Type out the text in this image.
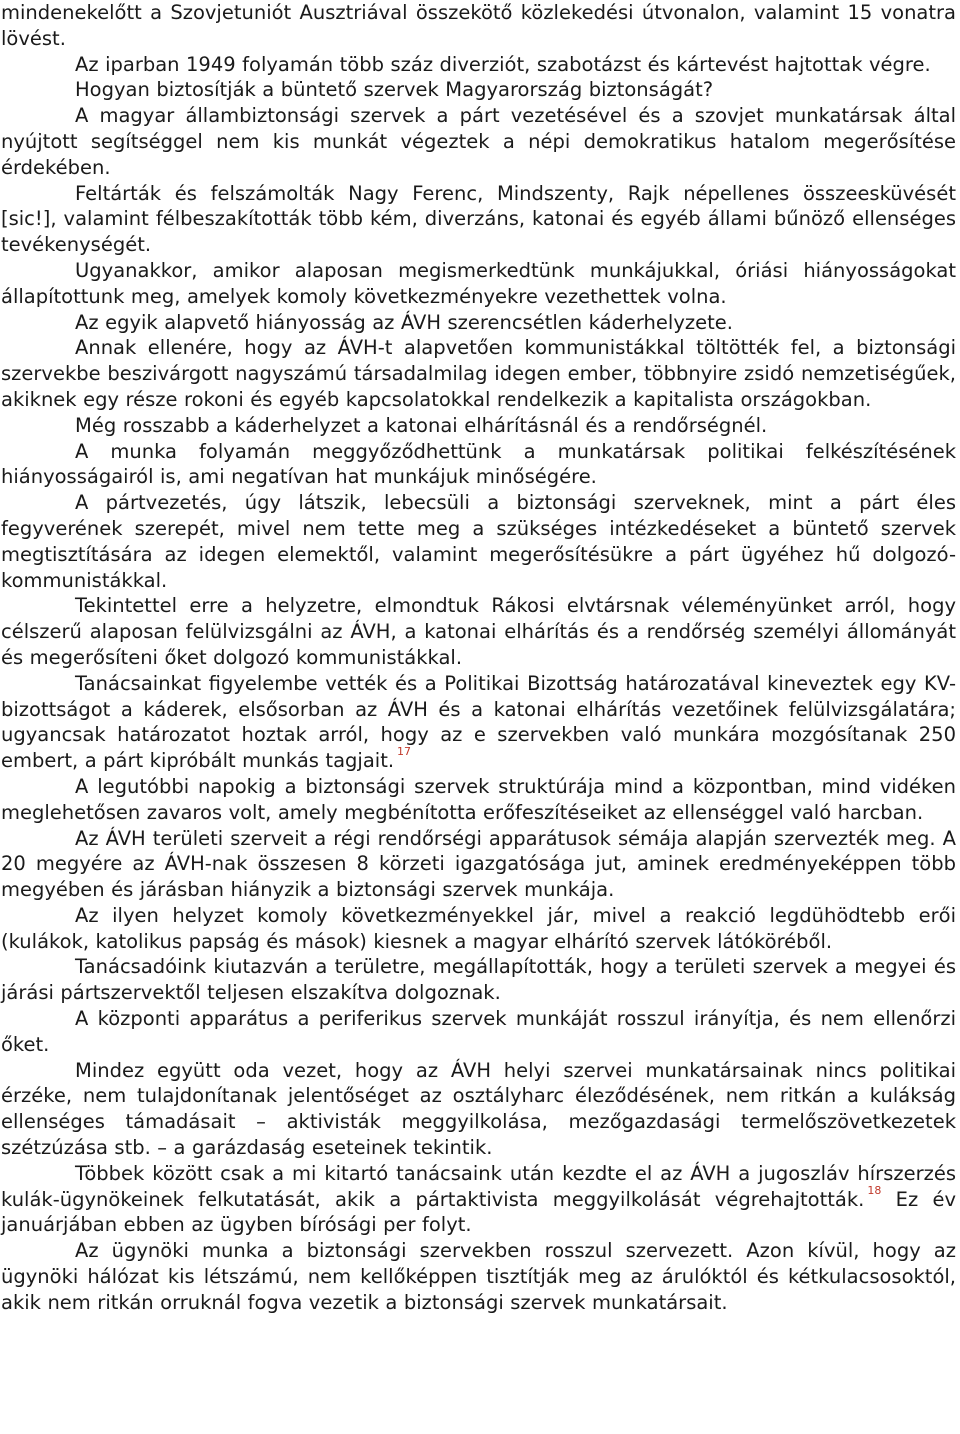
mindenekelőtt a Szovjetuniót Ausztriával összekötő közlekedési útvonalon, valamint 15 vonatra lövést.

Az iparban 1949 folyamán több száz diverziót, szabotázst és kártevést hajtottak végre.

Hogyan biztosítják a büntető szervek Magyarország biztonságát?

A magyar állambiztonsági szervek a párt vezetésével és a szovjet munkatársak által nyújtott segítséggel nem kis munkát végeztek a népi demokratikus hatalom megerősítése érdekében.

Feltárták és felszámolták Nagy Ferenc, Mindszenty, Rajk népellenes összeesküvését [sic!], valamint félbeszakították több kém, diverzáns, katonai és egyéb állami bűnöző ellenséges tevékenységét.

Ugyanakkor, amikor alaposan megismerkedtünk munkájukkal, óriási hiányosságokat állapítottunk meg, amelyek komoly következményekre vezethettek volna.

Az egyik alapvető hiányosság az ÁVH szerencsétlen káderhelyzete.

Annak ellenére, hogy az ÁVH-t alapvetően kommunistákkal töltötték fel, a biztonsági szervekbe beszivárgott nagyszámú társadalmilag idegen ember, többnyire zsidó nemzetiségűek, akiknek egy része rokoni és egyéb kapcsolatokkal rendelkezik a kapitalista országokban.

Még rosszabb a káderhelyzet a katonai elhárításnál és a rendőrségnél.

A munka folyamán meggyőződhettünk a munkatársak politikai felkészítésének hiányosságairól is, ami negatívan hat munkájuk minőségére.

A pártvezetés, úgy látszik, lebecsüli a biztonsági szerveknek, mint a párt éles fegyverének szerepét, mivel nem tette meg a szükséges intézkedéseket a büntető szervek megtisztítására az idegen elemektől, valamint megerősítésükre a párt ügyéhez hű dolgozó-kommunistákkal.

Tekintettel erre a helyzetre, elmondtuk Rákosi elvtársnak véleményünket arról, hogy célszerű alaposan felülvizsgálni az ÁVH, a katonai elhárítás és a rendőrség személyi állományát és megerősíteni őket dolgozó kommunistákkal.

Tanácsainkat figyelembe vették és a Politikai Bizottság határozatával kineveztek egy KV-bizottságot a káderek, elsősorban az ÁVH és a katonai elhárítás vezetőinek felülvizsgálatára; ugyancsak határozatot hoztak arról, hogy az e szervekben való munkára mozgósítanak 250 embert, a párt kipróbált munkás tagjait. $^{17}$

A legutóbbi napokig a biztonsági szervek struktúrája mind a központban, mind vidéken meglehetősen zavaros volt, amely megbénította erőfeszítéseiket az ellenséggel való harcban.

Az ÁVH területi szerveit a régi rendőrségi apparátusok sémája alapján szervezték meg. A 20 megyére az ÁVH-nak összesen 8 körzeti igazgatósága jut, aminek eredményeképpen több megyében és járásban hiányzik a biztonsági szervek munkája.

Az ilyen helyzet komoly következményekkel jár, mivel a reakció legdühödtebb erői (kulákok, katolikus papság és mások) kiesnek a magyar elhárító szervek látóköréből.

Tanácsadóink kiutazván a területre, megállapították, hogy a területi szervek a megyei és járási pártszervektől teljesen elszakítva dolgoznak.

A központi apparátus a periferikus szervek munkáját rosszul irányítja, és nem ellenőrzi őket.

Mindez együtt oda vezet, hogy az ÁVH helyi szervei munkatársainak nincs politikai érzéke, nem tulajdonítanak jelentőséget az osztályharc éleződésének, nem ritkán a kulákság ellenséges támadásait – aktivisták meggyilkolása, mezőgazdasági termelőszövetkezetek szétzúzása stb. – a garázdaság eseteinek tekintik.

Többek között csak a mi kitartó tanácsaink után kezdte el az ÁVH a jugoszláv hírszerzés kulák-ügynökeinek felkutatását, akik a pártaktivista meggyilkolását végrehajtották. $^{18}$ Ez év januárjában ebben az ügyben bírósági per folyt.

Az ügynöki munka a biztonsági szervekben rosszul szervezett. Azon kívül, hogy az ügynöki hálózat kis létszámú, nem kellőképpen tisztítják meg az árulóktól és kétkulacsosoktól, akik nem ritkán orruknál fogva vezetik a biztonsági szervek munkatársait.
